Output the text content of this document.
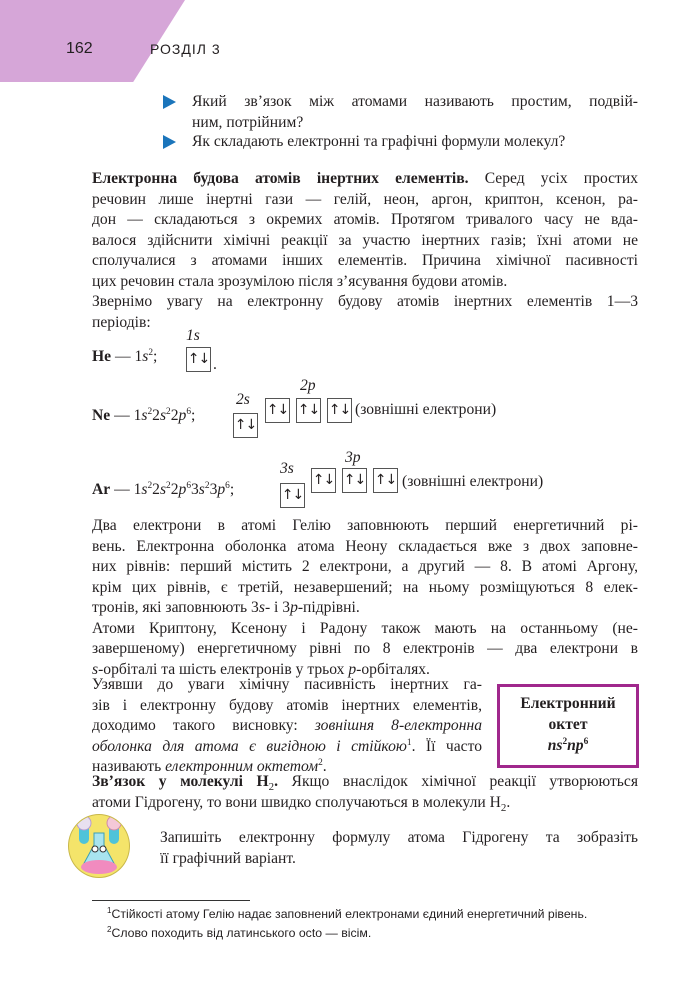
162	РОЗДІЛ 3
Який зв’язок між атомами називають простим, подвій-
ним, потрійним?
Як складають електронні та графічні формули молекул?
Електронна будова атомів інертних елементів. Серед усіх простих
речовин лише інертні гази — гелій, неон, аргон, криптон, ксенон, ра-
дон — складаються з окремих атомів. Протягом тривалого часу не вда-
валося здійснити хімічні реакції за участю інертних газів; їхні атоми не
сполучалися з атомами інших елементів. Причина хімічної пасивності
цих речовин стала зрозумілою після з’ясування будови атомів.
Звернімо увагу на електронну будову атомів інертних елементів 1—3
періодів:
He — $1s^2$;
1s
↑↓ .
Ne — $1s^22s^22p^6$;
2s
↑↓
2p
↑↓ ↑↓ ↑↓ (зовнішні електрони)
Ar — $1s^22s^22p^63s^23p^6$;
3s
↑↓
3p
↑↓ ↑↓ ↑↓ (зовнішні електрони)
Два електрони в атомі Гелію заповнюють перший енергетичний рі-
вень. Електронна оболонка атома Неону складається вже з двох заповне-
них рівнів: перший містить 2 електрони, а другий — 8. В атомі Аргону,
крім цих рівнів, є третій, незавершений; на ньому розміщуються 8 елек-
тронів, які заповнюють 3s- і 3p-підрівні.
Атоми Криптону, Ксенону і Радону також мають на останньому (не-
завершеному) енергетичному рівні по 8 електронів — два електрони в
s-орбіталі та шість електронів у трьох p-орбіталях.
Узявши до уваги хімічну пасивність інертних га-
зів і електронну будову атомів інертних елементів,
доходимо такого висновку: зовнішня 8-електронна
оболонка для атома є вигідною і стійкою$^1$. Її часто
називають електронним октетом$^2$.
Електронний
октет
$ns^2np^6$
Зв’язок у молекулі $H_2$. Якщо внаслідок хімічної реакції утворюються
атоми Гідрогену, то вони швидко сполучаються в молекули $H_2$.
Запишіть електронну формулу атома Гідрогену та зобразіть
її графічний варіант.
$^1$Стійкості атому Гелію надає заповнений електронами єдиний енергетичний рівень.
$^2$Слово походить від латинського octo — вісім.
